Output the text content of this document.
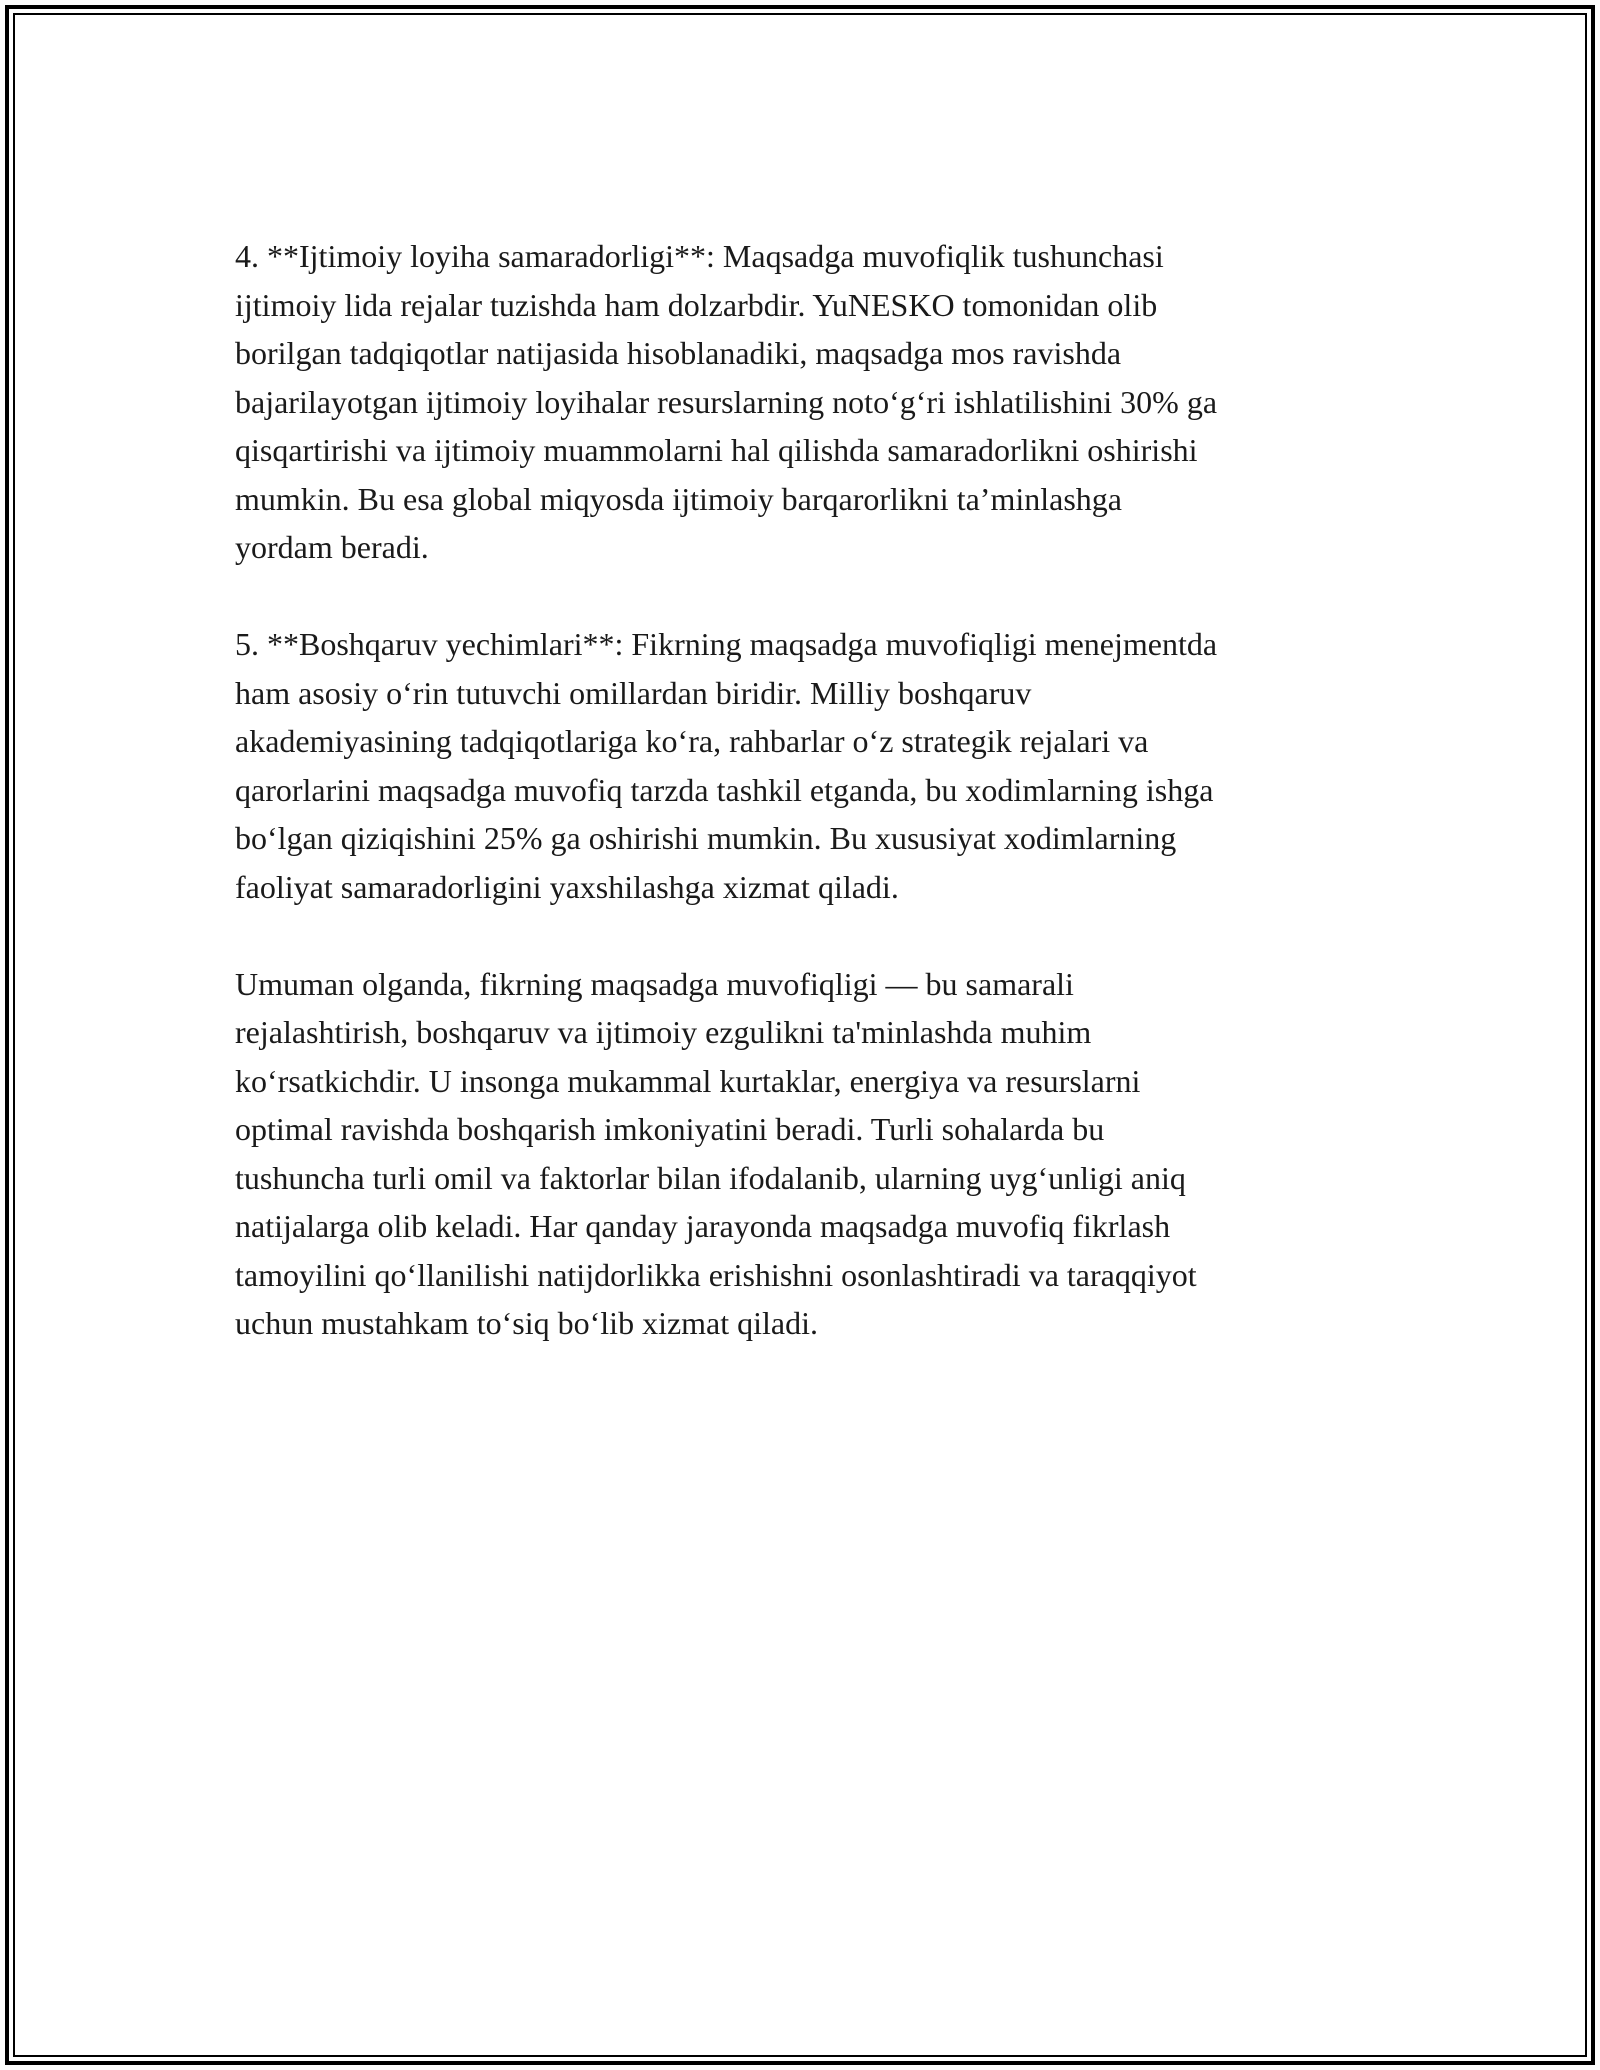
4. **Ijtimoiy loyiha samaradorligi**: Maqsadga muvofiqlik tushunchasi
ijtimoiy lida rejalar tuzishda ham dolzarbdir. YuNESKO tomonidan olib
borilgan tadqiqotlar natijasida hisoblanadiki, maqsadga mos ravishda
bajarilayotgan ijtimoiy loyihalar resurslarning noto‘g‘ri ishlatilishini 30% ga
qisqartirishi va ijtimoiy muammolarni hal qilishda samaradorlikni oshirishi
mumkin. Bu esa global miqyosda ijtimoiy barqarorlikni ta’minlashga
yordam beradi.

5. **Boshqaruv yechimlari**: Fikrning maqsadga muvofiqligi menejmentda
ham asosiy o‘rin tutuvchi omillardan biridir. Milliy boshqaruv
akademiyasining tadqiqotlariga ko‘ra, rahbarlar o‘z strategik rejalari va
qarorlarini maqsadga muvofiq tarzda tashkil etganda, bu xodimlarning ishga
bo‘lgan qiziqishini 25% ga oshirishi mumkin. Bu xususiyat xodimlarning
faoliyat samaradorligini yaxshilashga xizmat qiladi.

Umuman olganda, fikrning maqsadga muvofiqligi — bu samarali
rejalashtirish, boshqaruv va ijtimoiy ezgulikni ta'minlashda muhim
ko‘rsatkichdir. U insonga mukammal kurtaklar, energiya va resurslarni
optimal ravishda boshqarish imkoniyatini beradi. Turli sohalarda bu
tushuncha turli omil va faktorlar bilan ifodalanib, ularning uyg‘unligi aniq
natijalarga olib keladi. Har qanday jarayonda maqsadga muvofiq fikrlash
tamoyilini qo‘llanilishi natijdorlikka erishishni osonlashtiradi va taraqqiyot
uchun mustahkam to‘siq bo‘lib xizmat qiladi.
